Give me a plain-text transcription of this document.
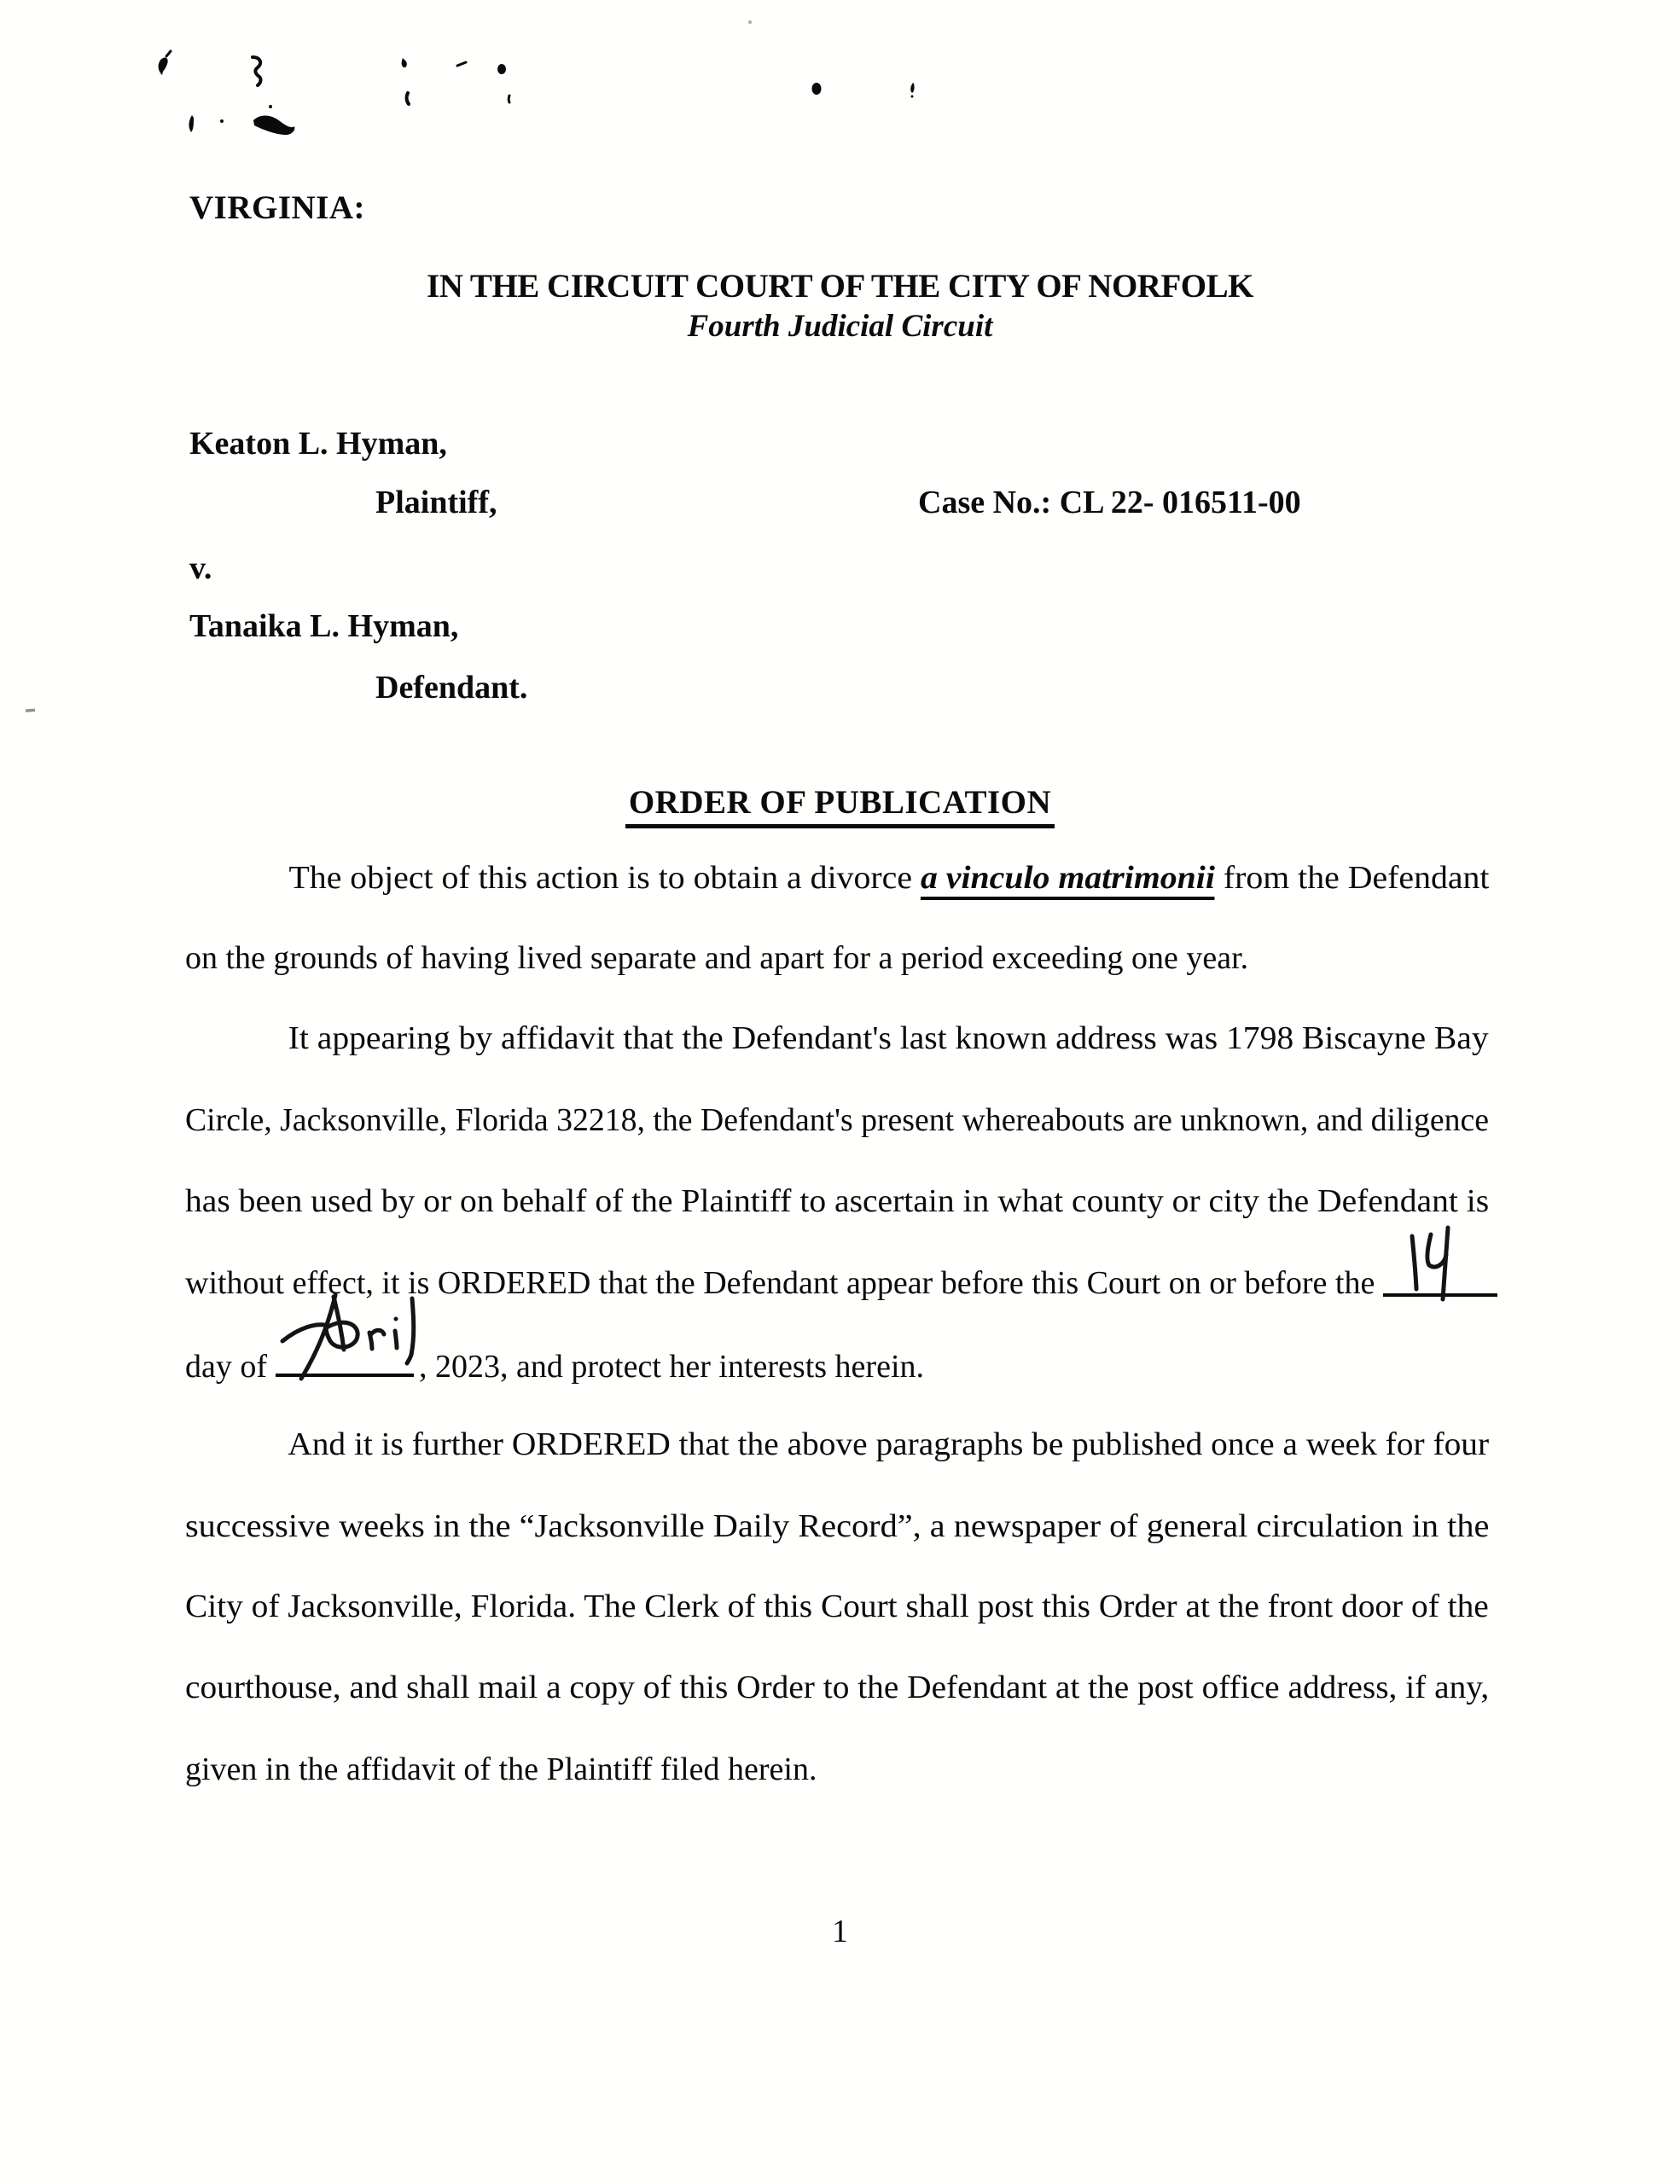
VIRGINIA:
IN THE CIRCUIT COURT OF THE CITY OF NORFOLK
Fourth Judicial Circuit
Keaton L. Hyman,
Plaintiff,	Case No.: CL 22- 016511-00
v.
Tanaika L. Hyman,
Defendant.
ORDER OF PUBLICATION
The object of this action is to obtain a divorce a vinculo matrimonii from the Defendant
on the grounds of having lived separate and apart for a period exceeding one year.
It appearing by affidavit that the Defendant's last known address was 1798 Biscayne Bay
Circle, Jacksonville, Florida 32218, the Defendant's present whereabouts are unknown, and diligence
has been used by or on behalf of the Plaintiff to ascertain in what county or city the Defendant is
without effect, it is ORDERED that the Defendant appear before this Court on or before the
day of	, 2023, and protect her interests herein.
And it is further ORDERED that the above paragraphs be published once a week for four
successive weeks in the “Jacksonville Daily Record”, a newspaper of general circulation in the
City of Jacksonville, Florida. The Clerk of this Court shall post this Order at the front door of the
courthouse, and shall mail a copy of this Order to the Defendant at the post office address, if any,
given in the affidavit of the Plaintiff filed herein.
1
